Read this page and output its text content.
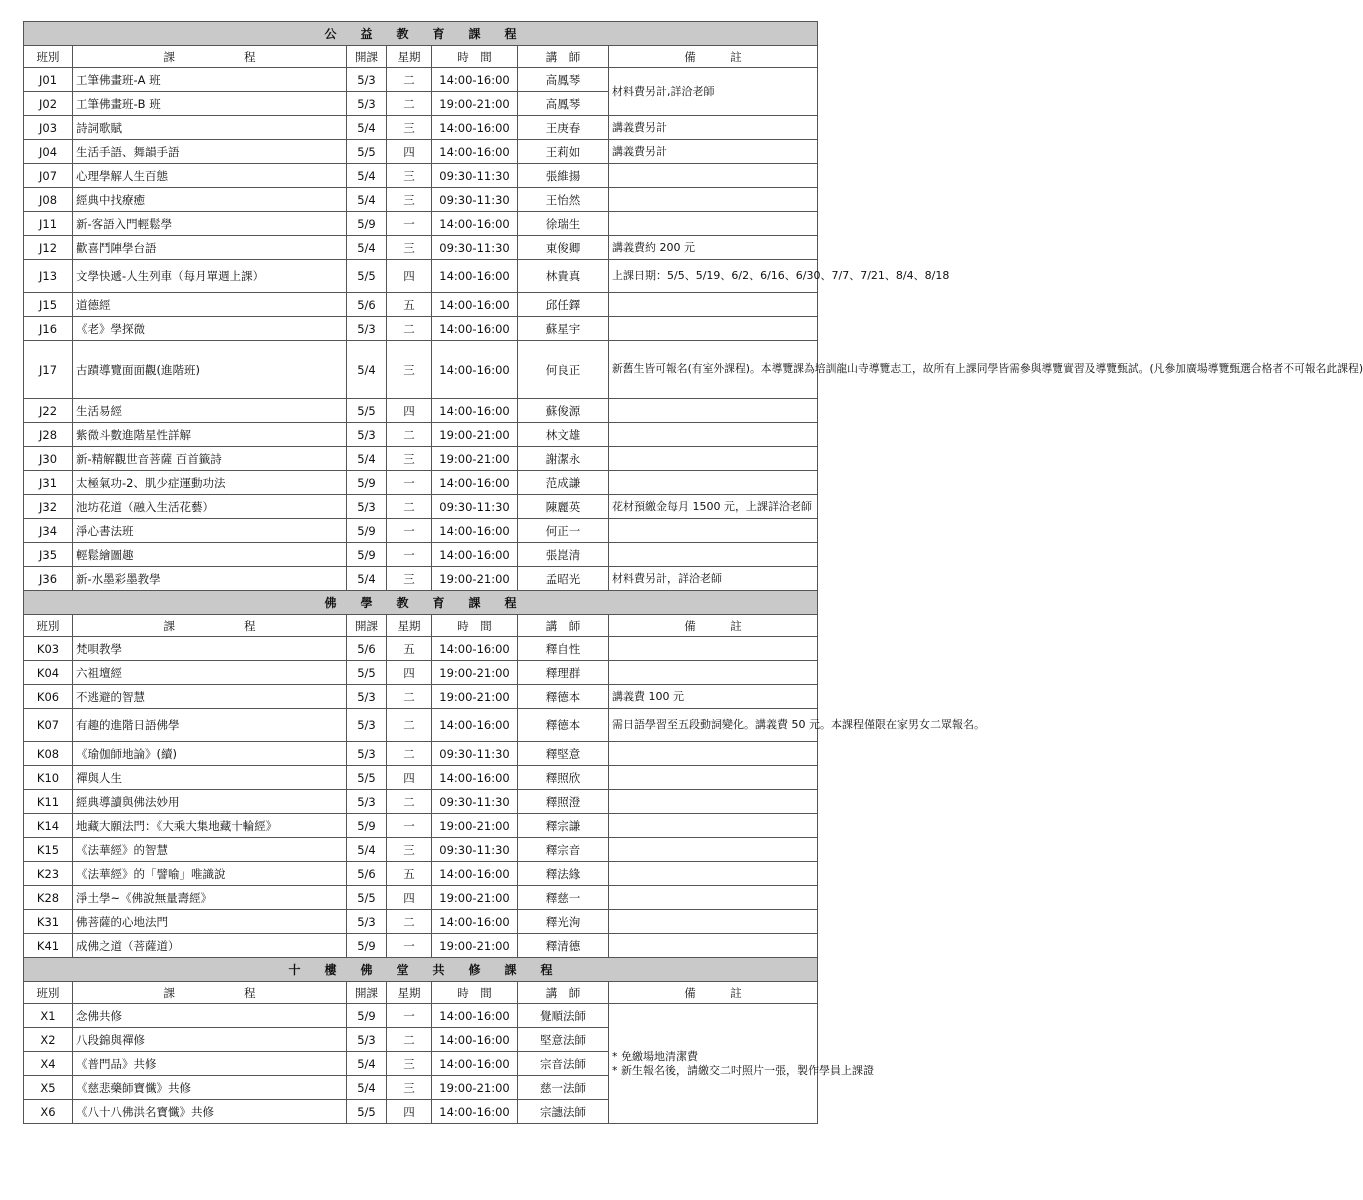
公　　益　　教　　育　　課　　程						
班別	課　　　　　　程	開課	星期	時　間	講　師	備　　　註
J01	工筆佛畫班-A 班	5/3	二	14:00-16:00	高鳳琴	材料費另計,詳洽老師
J02	工筆佛畫班-B 班	5/3	二	19:00-21:00	高鳳琴	
J03	詩詞歌賦	5/4	三	14:00-16:00	王庚春	講義費另計
J04	生活手語、舞韻手語	5/5	四	14:00-16:00	王莉如	講義費另計
J07	心理學解人生百態	5/4	三	09:30-11:30	張維揚	
J08	經典中找療癒	5/4	三	09:30-11:30	王怡然	
J11	新-客語入門輕鬆學	5/9	一	14:00-16:00	徐瑞生	
J12	歡喜鬥陣學台語	5/4	三	09:30-11:30	東俊卿	講義費約 200 元
J13	文學快遞-人生列車（每月單週上課）	5/5	四	14:00-16:00	林貴真	上課日期：5/5、5/19、6/2、6/16、6/30、7/7、7/21、8/4、8/18
J15	道德經	5/6	五	14:00-16:00	邱任鐸	
J16	《老》學探微	5/3	二	14:00-16:00	蘇星宇	
J17	古蹟導覽面面觀(進階班)	5/4	三	14:00-16:00	何良正	新舊生皆可報名(有室外課程)。本導覽課為培訓龍山寺導覽志工，故所有上課同學皆需參與導覽實習及導覽甄試。(凡參加廣場導覽甄選合格者不可報名此課程)
J22	生活易經	5/5	四	14:00-16:00	蘇俊源	
J28	紫微斗數進階星性詳解	5/3	二	19:00-21:00	林文雄	
J30	新-精解觀世音菩薩 百首籤詩	5/4	三	19:00-21:00	謝潔永	
J31	太極氣功-2、肌少症運動功法	5/9	一	14:00-16:00	范成謙	
J32	池坊花道（融入生活花藝）	5/3	二	09:30-11:30	陳麗英	花材預繳金每月 1500 元，上課詳洽老師
J34	淨心書法班	5/9	一	14:00-16:00	何正一	
J35	輕鬆繪圖趣	5/9	一	14:00-16:00	張崑清	
J36	新-水墨彩墨教學	5/4	三	19:00-21:00	孟昭光	材料費另計，詳洽老師
佛　　學　　教　　育　　課　　程						
班別	課　　　　　　程	開課	星期	時　間	講　師	備　　　註
K03	梵唄教學	5/6	五	14:00-16:00	釋自性	
K04	六祖壇經	5/5	四	19:00-21:00	釋理群	
K06	不逃避的智慧	5/3	二	19:00-21:00	釋德本	講義費 100 元
K07	有趣的進階日語佛學	5/3	二	14:00-16:00	釋德本	需日語學習至五段動詞變化。講義費 50 元。本課程僅限在家男女二眾報名。
K08	《瑜伽師地論》(續)	5/3	二	09:30-11:30	釋堅意	
K10	禪與人生	5/5	四	14:00-16:00	釋照欣	
K11	經典導讀與佛法妙用	5/3	二	09:30-11:30	釋照澄	
K14	地藏大願法門：《大乘大集地藏十輪經》	5/9	一	19:00-21:00	釋宗謙	
K15	《法華經》的智慧	5/4	三	09:30-11:30	釋宗音	
K23	《法華經》的「譬喻」唯識說	5/6	五	14:00-16:00	釋法緣	
K28	淨土學~《佛說無量壽經》	5/5	四	19:00-21:00	釋慈一	
K31	佛菩薩的心地法門	5/3	二	14:00-16:00	釋光洵	
K41	成佛之道（菩薩道）	5/9	一	19:00-21:00	釋清德	
十　　樓　　佛　　堂　　共　　修　　課　　程						
班別	課　　　　　　程	開課	星期	時　間	講　師	備　　　註
X1	念佛共修	5/9	一	14:00-16:00	覺順法師	* 免繳場地清潔費
* 新生報名後，請繳交二吋照片一張，製作學員上課證

X2	八段錦與禪修	5/3	二	14:00-16:00	堅意法師	
X4	《普門品》共修	5/4	三	14:00-16:00	宗音法師	
X5	《慈悲藥師寶懺》共修	5/4	三	19:00-21:00	慈一法師	
X6	《八十八佛洪名寶懺》共修	5/5	四	14:00-16:00	宗譓法師	
